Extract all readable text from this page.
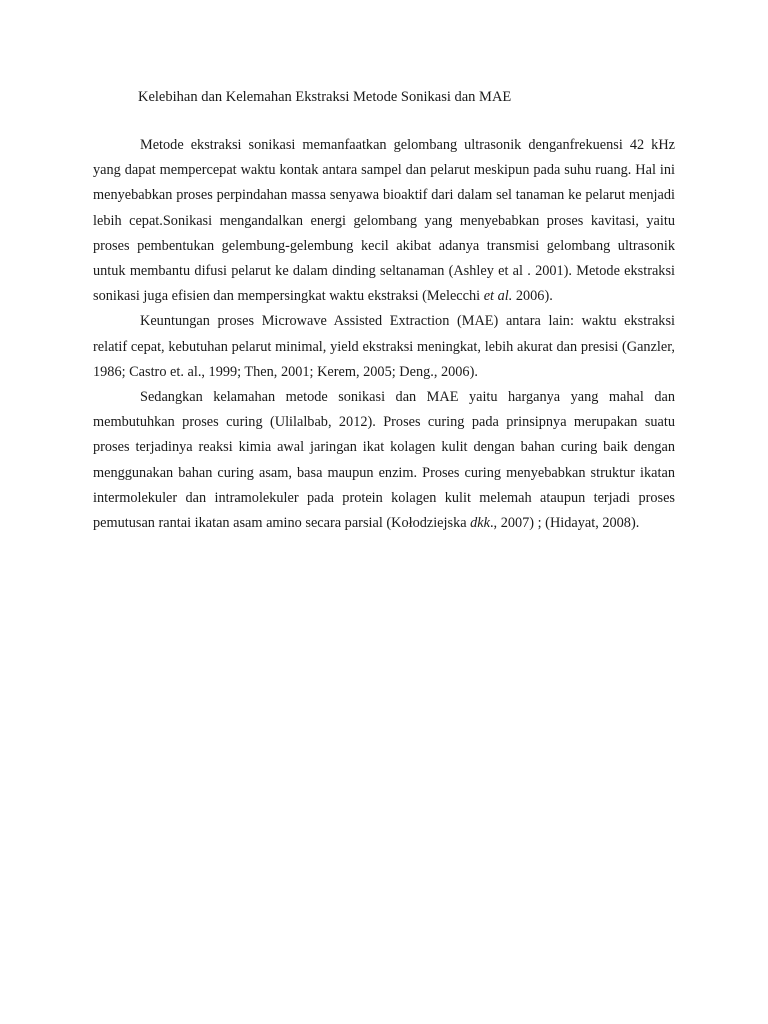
Kelebihan dan Kelemahan Ekstraksi Metode Sonikasi dan MAE

Metode ekstraksi sonikasi memanfaatkan gelombang ultrasonik denganfrekuensi 42 kHz yang dapat mempercepat waktu kontak antara sampel dan pelarut meskipun pada suhu ruang. Hal ini menyebabkan proses perpindahan massa senyawa bioaktif dari dalam sel tanaman ke pelarut menjadi lebih cepat.Sonikasi mengandalkan energi gelombang yang menyebabkan proses kavitasi, yaitu proses pembentukan gelembung-gelembung kecil akibat adanya transmisi gelombang ultrasonik untuk membantu difusi pelarut ke dalam dinding seltanaman (Ashley et al . 2001). Metode ekstraksi sonikasi juga efisien dan mempersingkat waktu ekstraksi (Melecchi et al. 2006).

Keuntungan proses Microwave Assisted Extraction (MAE) antara lain: waktu ekstraksi relatif cepat, kebutuhan pelarut minimal, yield ekstraksi meningkat, lebih akurat dan presisi (Ganzler, 1986; Castro et. al., 1999; Then, 2001; Kerem, 2005; Deng., 2006).

Sedangkan kelamahan metode sonikasi dan MAE yaitu harganya yang mahal dan membutuhkan proses curing (Ulilalbab, 2012). Proses curing pada prinsipnya merupakan suatu proses terjadinya reaksi kimia awal jaringan ikat kolagen kulit dengan bahan curing baik dengan menggunakan bahan curing asam, basa maupun enzim. Proses curing menyebabkan struktur ikatan intermolekuler dan intramolekuler pada protein kolagen kulit melemah ataupun terjadi proses pemutusan rantai ikatan asam amino secara parsial (Kołodziejska dkk., 2007) ; (Hidayat, 2008).
